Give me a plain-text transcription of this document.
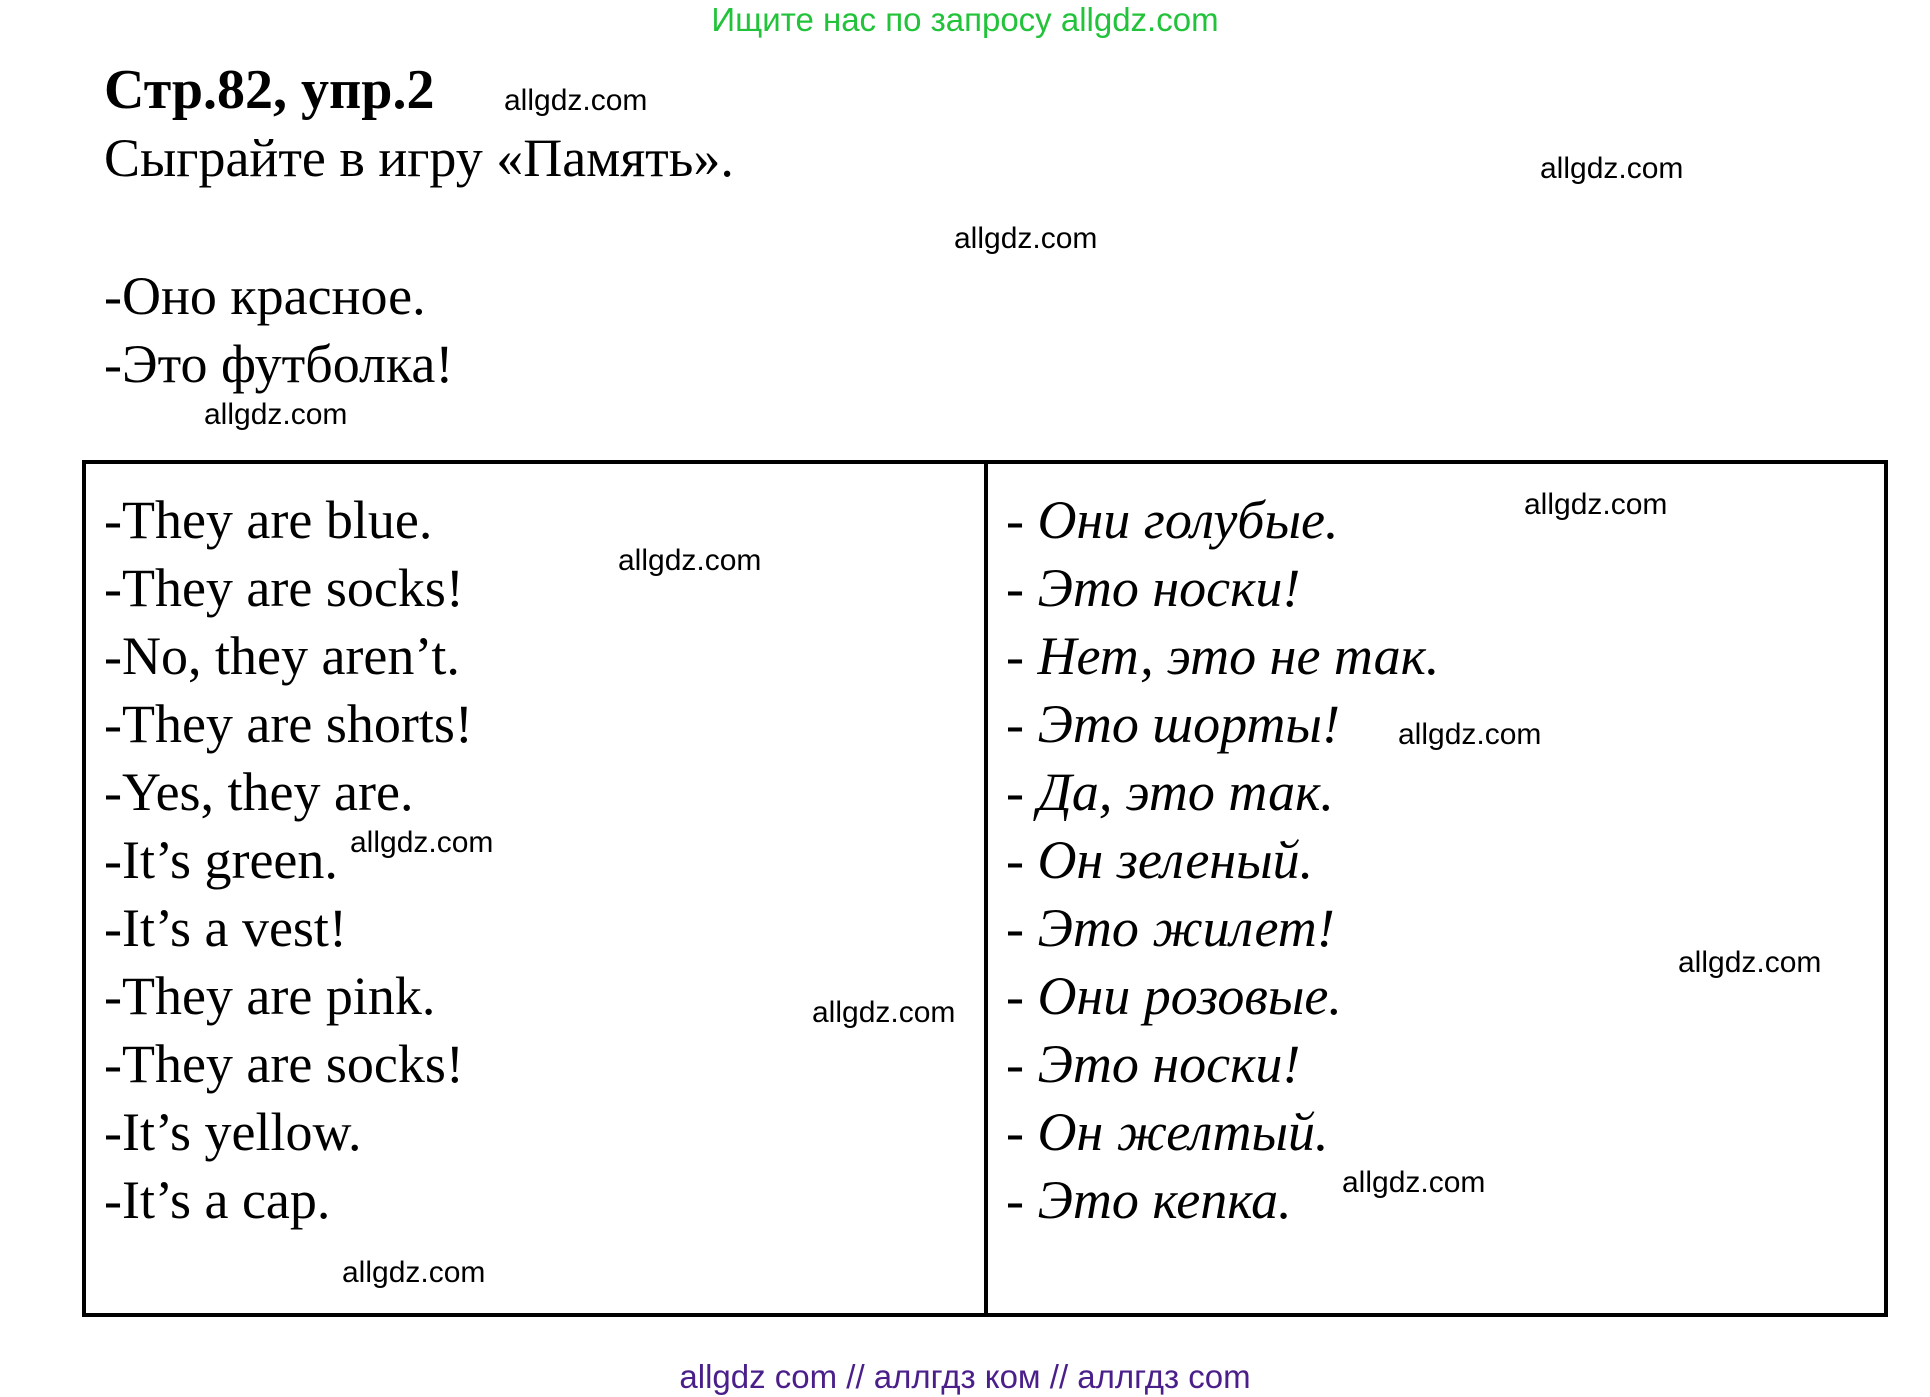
Ищите нас по запросу allgdz.com
Стр.82, упр.2
Сыграйте в игру «Память».
-Оно красное.
-Это футболка!
-They are blue.
-They are socks!
-No, they aren’t.
-They are shorts!
-Yes, they are.
-It’s green.
-It’s a vest!
-They are pink.
-They are socks!
-It’s yellow.
-It’s a cap.
- Они голубые.
- Это носки!
- Нет, это не так.
- Это шорты!
- Да, это так.
- Он зеленый.
- Это жилет!
- Они розовые.
- Это носки!
- Он желтый.
- Это кепка.
allgdz.com
allgdz.com
allgdz.com
allgdz.com
allgdz.com
allgdz.com
allgdz.com
allgdz.com
allgdz.com
allgdz.com
allgdz.com
allgdz.com
allgdz com // аллгдз ком // аллгдз com
